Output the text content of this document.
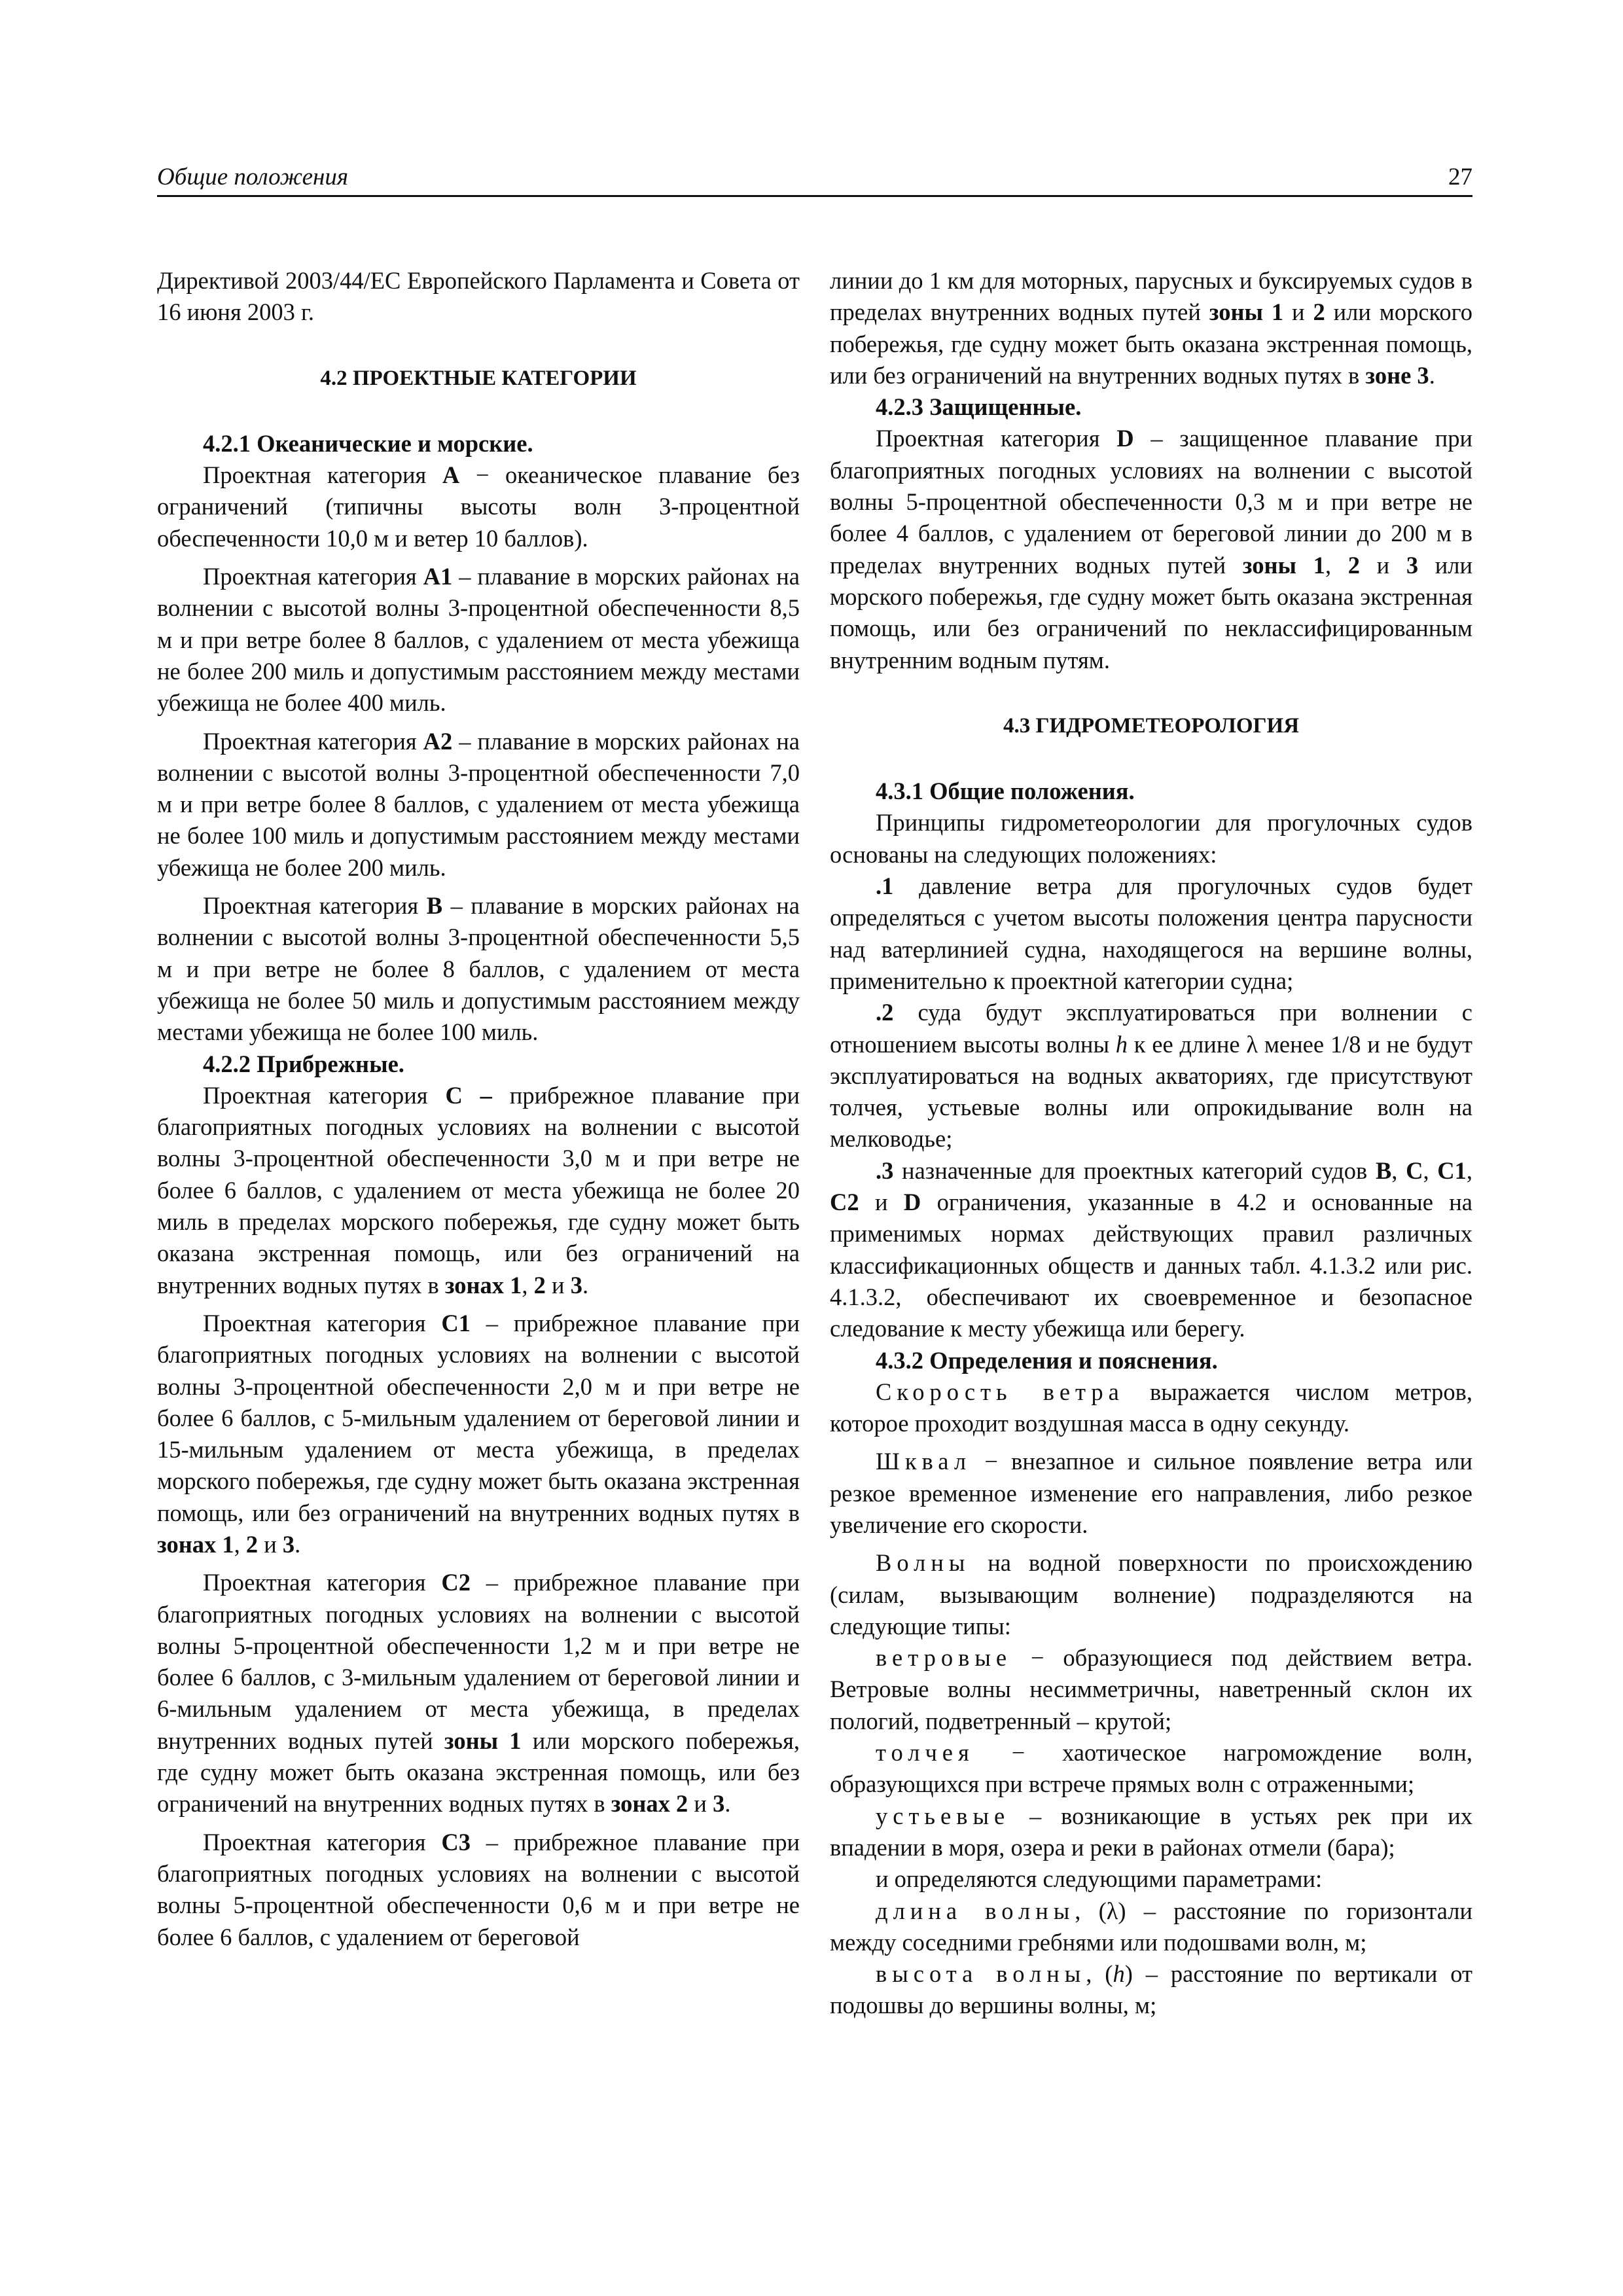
Общие положения	27

Директивой 2003/44/ЕС Европейского Парламента и Совета от 16 июня 2003 г.

4.2 ПРОЕКТНЫЕ КАТЕГОРИИ

4.2.1 Океанические и морские.

Проектная категория A − океаническое плавание без ограничений (типичны высоты волн 3-процентной обеспеченности 10,0 м и ветер 10 баллов).

Проектная категория A1 – плавание в морских районах на волнении с высотой волны 3-процентной обеспеченности 8,5 м и при ветре более 8 баллов, с удалением от места убежища не более 200 миль и допустимым расстоянием между местами убежища не более 400 миль.

Проектная категория A2 – плавание в морских районах на волнении с высотой волны 3-процентной обеспеченности 7,0 м и при ветре более 8 баллов, с удалением от места убежища не более 100 миль и допустимым расстоянием между местами убежища не более 200 миль.

Проектная категория B – плавание в морских районах на волнении с высотой волны 3-процентной обеспеченности 5,5 м и при ветре не более 8 баллов, с удалением от места убежища не более 50 миль и допустимым расстоянием между местами убежища не более 100 миль.

4.2.2 Прибрежные.

Проектная категория C – прибрежное плавание при благоприятных погодных условиях на волнении с высотой волны 3-процентной обеспеченности 3,0 м и при ветре не более 6 баллов, с удалением от места убежища не более 20 миль в пределах морского побережья, где судну может быть оказана экстренная помощь, или без ограничений на внутренних водных путях в зонах 1, 2 и 3.

Проектная категория C1 – прибрежное плавание при благоприятных погодных условиях на волнении с высотой волны 3-процентной обеспеченности 2,0 м и при ветре не более 6 баллов, с 5-мильным удалением от береговой линии и 15-мильным удалением от места убежища, в пределах морского побережья, где судну может быть оказана экстренная помощь, или без ограничений на внутренних водных путях в зонах 1, 2 и 3.

Проектная категория C2 – прибрежное плавание при благоприятных погодных условиях на волнении с высотой волны 5-процентной обеспеченности 1,2 м и при ветре не более 6 баллов, с 3-мильным удалением от береговой линии и 6-мильным удалением от места убежища, в пределах внутренних водных путей зоны 1 или морского побережья, где судну может быть оказана экстренная помощь, или без ограничений на внутренних водных путях в зонах 2 и 3.

Проектная категория C3 – прибрежное плавание при благоприятных погодных условиях на волнении с высотой волны 5-процентной обеспеченности 0,6 м и при ветре не более 6 баллов, с удалением от береговой

линии до 1 км для моторных, парусных и буксируемых судов в пределах внутренних водных путей зоны 1 и 2 или морского побережья, где судну может быть оказана экстренная помощь, или без ограничений на внутренних водных путях в зоне 3.

4.2.3 Защищенные.

Проектная категория D – защищенное плавание при благоприятных погодных условиях на волнении с высотой волны 5-процентной обеспеченности 0,3 м и при ветре не более 4 баллов, с удалением от береговой линии до 200 м в пределах внутренних водных путей зоны 1, 2 и 3 или морского побережья, где судну может быть оказана экстренная помощь, или без ограничений по неклассифицированным внутренним водным путям.

4.3 ГИДРОМЕТЕОРОЛОГИЯ

4.3.1 Общие положения.

Принципы гидрометеорологии для прогулочных судов основаны на следующих положениях:

.1 давление ветра для прогулочных судов будет определяться с учетом высоты положения центра парусности над ватерлинией судна, находящегося на вершине волны, применительно к проектной категории судна;

.2 суда будут эксплуатироваться при волнении с отношением высоты волны h к ее длине λ менее 1/8 и не будут эксплуатироваться на водных акваториях, где присутствуют толчея, устьевые волны или опрокидывание волн на мелководье;

.3 назначенные для проектных категорий судов B, C, C1, C2 и D ограничения, указанные в 4.2 и основанные на применимых нормах действующих правил различных классификационных обществ и данных табл. 4.1.3.2 или рис. 4.1.3.2, обеспечивают их своевременное и безопасное следование к месту убежища или берегу.

4.3.2 Определения и пояснения.

Скорость ветра выражается числом метров, которое проходит воздушная масса в одну секунду.

Шквал − внезапное и сильное появление ветра или резкое временное изменение его направления, либо резкое увеличение его скорости.

Волны на водной поверхности по происхождению (силам, вызывающим волнение) подразделяются на следующие типы:

ветровые − образующиеся под действием ветра. Ветровые волны несимметричны, наветренный склон их пологий, подветренный – крутой;

толчея − хаотическое нагромождение волн, образующихся при встрече прямых волн с отраженными;

устьевые – возникающие в устьях рек при их впадении в моря, озера и реки в районах отмели (бара);

и определяются следующими параметрами:

длина волны, (λ) – расстояние по горизонтали между соседними гребнями или подошвами волн, м;

высота волны, (h) – расстояние по вертикали от подошвы до вершины волны, м;
